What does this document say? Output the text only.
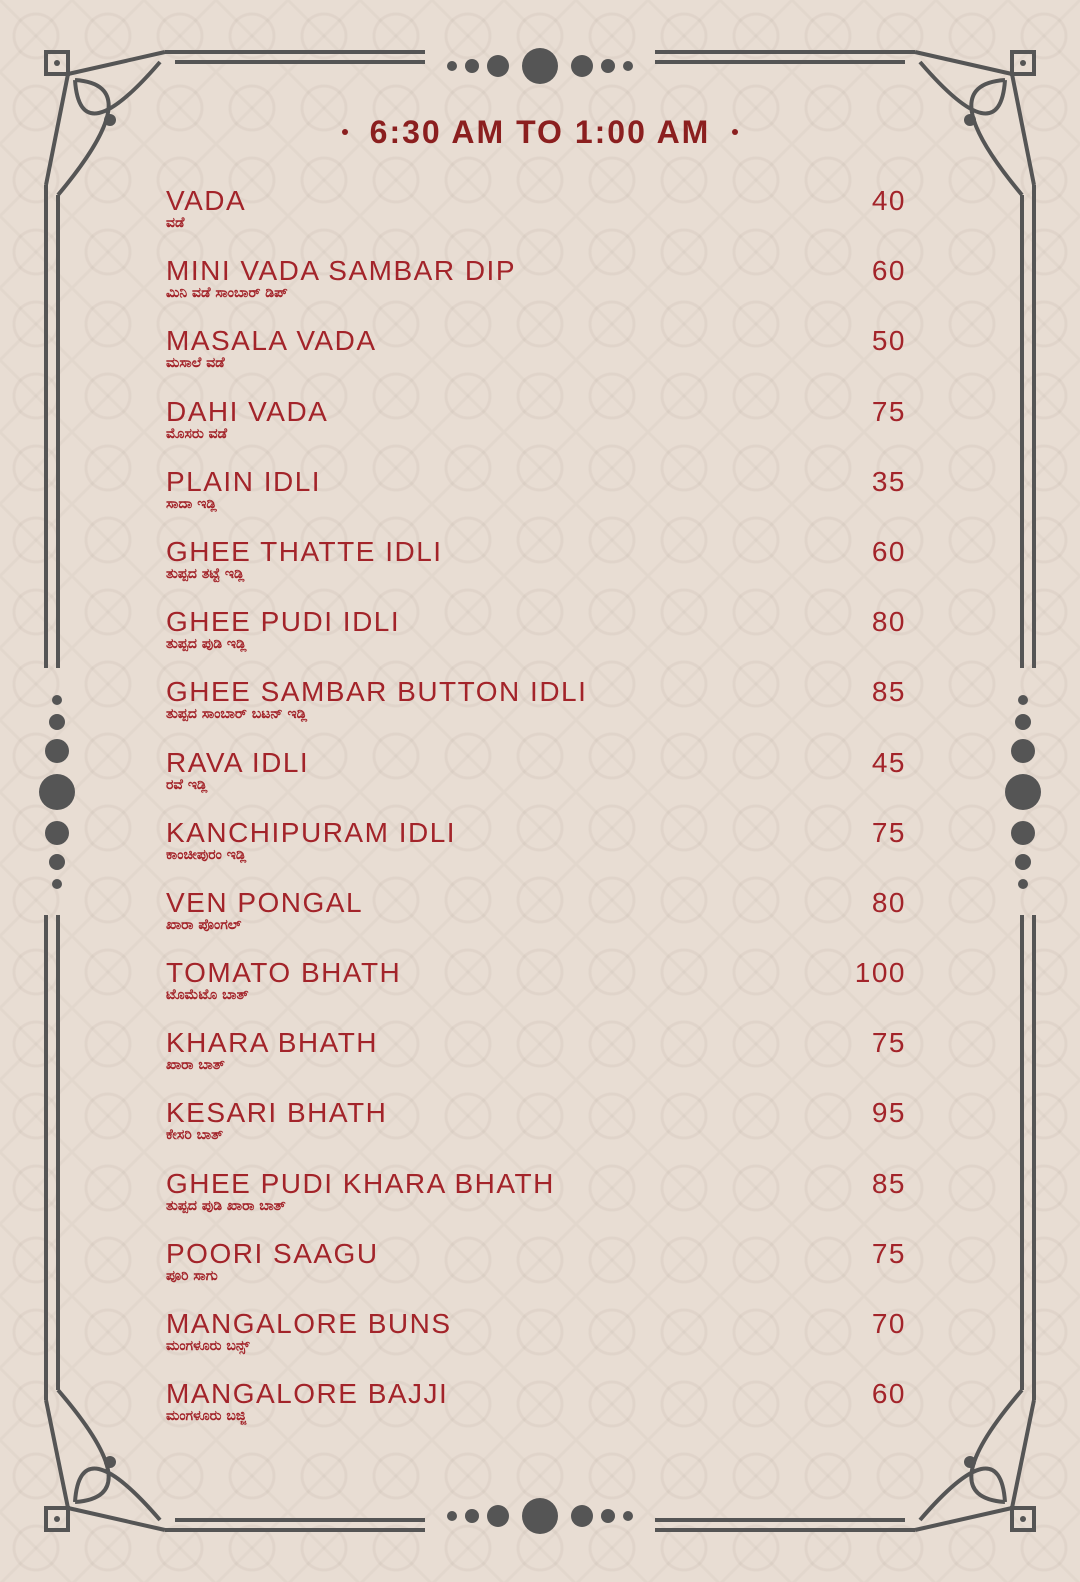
6:30 AM TO 1:00 AM
VADA
ವಡೆ
40
MINI VADA SAMBAR DIP
ಮಿನಿ ವಡೆ ಸಾಂಬಾರ್ ಡಿಪ್
60
MASALA VADA
ಮಸಾಲೆ ವಡೆ
50
DAHI VADA
ಮೊಸರು ವಡೆ
75
PLAIN IDLI
ಸಾದಾ ಇಡ್ಲಿ
35
GHEE THATTE IDLI
ತುಪ್ಪದ ತಟ್ಟೆ ಇಡ್ಲಿ
60
GHEE PUDI IDLI
ತುಪ್ಪದ ಪುಡಿ ಇಡ್ಲಿ
80
GHEE SAMBAR BUTTON IDLI
ತುಪ್ಪದ ಸಾಂಬಾರ್ ಬಟನ್ ಇಡ್ಲಿ
85
RAVA IDLI
ರವೆ ಇಡ್ಲಿ
45
KANCHIPURAM IDLI
ಕಾಂಚೀಪುರಂ ಇಡ್ಲಿ
75
VEN PONGAL
ಖಾರಾ ಪೊಂಗಲ್
80
TOMATO BHATH
ಟೊಮೆಟೊ ಬಾತ್
100
KHARA BHATH
ಖಾರಾ ಬಾತ್
75
KESARI BHATH
ಕೇಸರಿ ಬಾತ್
95
GHEE PUDI KHARA BHATH
ತುಪ್ಪದ ಪುಡಿ ಖಾರಾ ಬಾತ್
85
POORI SAAGU
ಪೂರಿ ಸಾಗು
75
MANGALORE BUNS
ಮಂಗಳೂರು ಬನ್ಸ್
70
MANGALORE BAJJI
ಮಂಗಳೂರು ಬಜ್ಜಿ
60
